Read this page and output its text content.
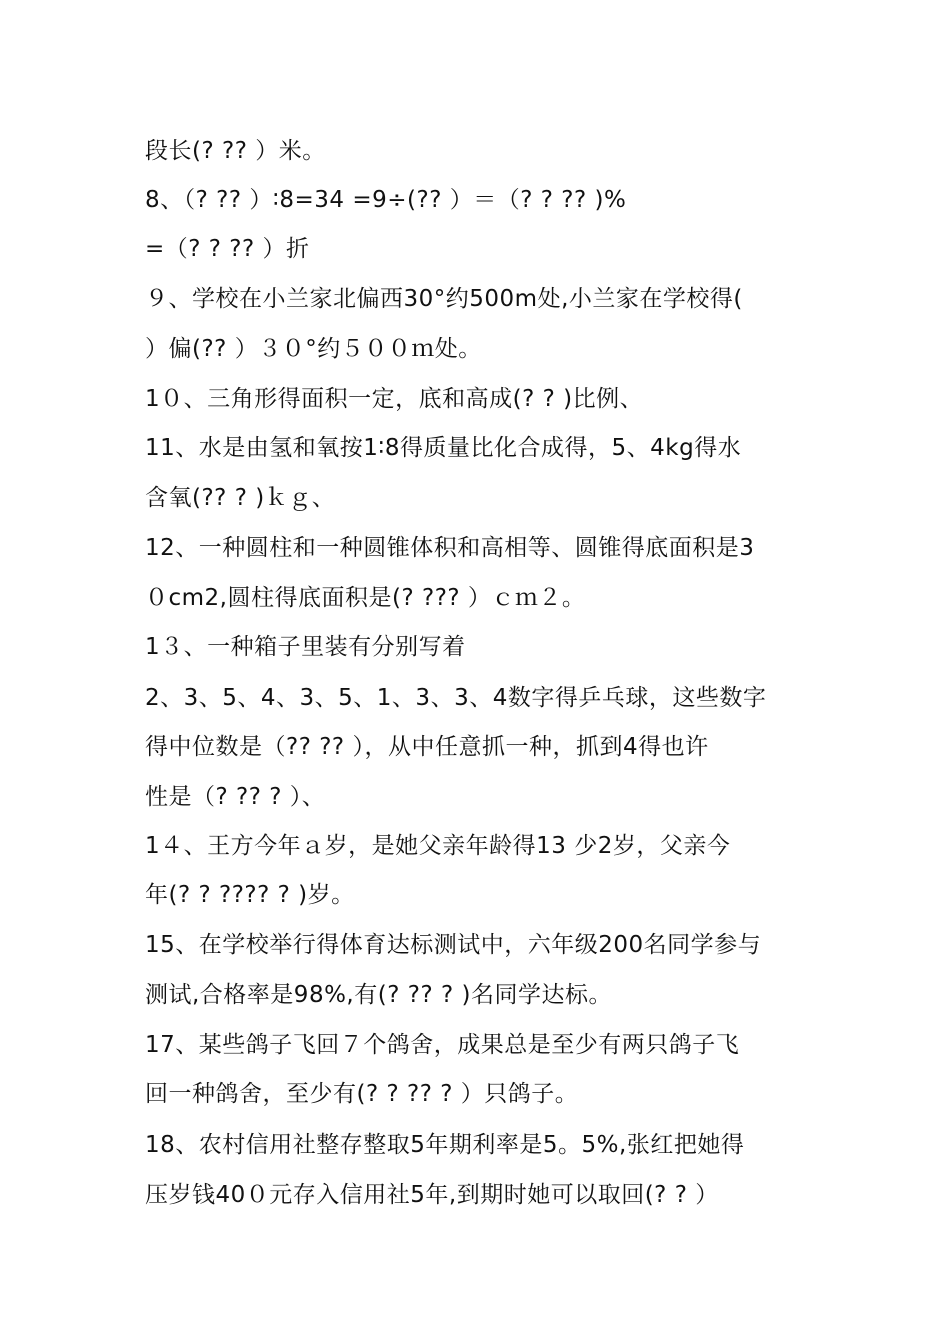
段长(? ?? ）米。
8、（? ?? ）∶8=34 =9÷(?? ）＝（? ? ?? )%
=（? ? ?? ）折
９、学校在小兰家北偏西30°约500m处,小兰家在学校得(
）偏(?? ）３０°约５００ｍ处。
1０、三角形得面积一定，底和高成(? ? )比例、
11、水是由氢和氧按1∶8得质量比化合成得，5、4kg得水
含氧(?? ? )ｋｇ、
12、一种圆柱和一种圆锥体积和高相等、圆锥得底面积是3
０cm2,圆柱得底面积是(? ??? ）ｃｍ２。
1３、一种箱子里装有分别写着
2、3、5、4、3、5、1、3、3、4数字得乒乓球，这些数字
得中位数是（?? ?? ），从中任意抓一种，抓到4得也许
性是（? ?? ? ）、
1４、王方今年ａ岁，是她父亲年龄得13 少2岁，父亲今
年(? ? ???? ? )岁。
15、在学校举行得体育达标测试中，六年级200名同学参与
测试,合格率是98%,有(? ?? ? )名同学达标。
17、某些鸽子飞回７个鸽舍，成果总是至少有两只鸽子飞
回一种鸽舍，至少有(? ? ?? ? ）只鸽子。
18、农村信用社整存整取5年期利率是5。5%,张红把她得
压岁钱40０元存入信用社5年,到期时她可以取回(? ? ）
